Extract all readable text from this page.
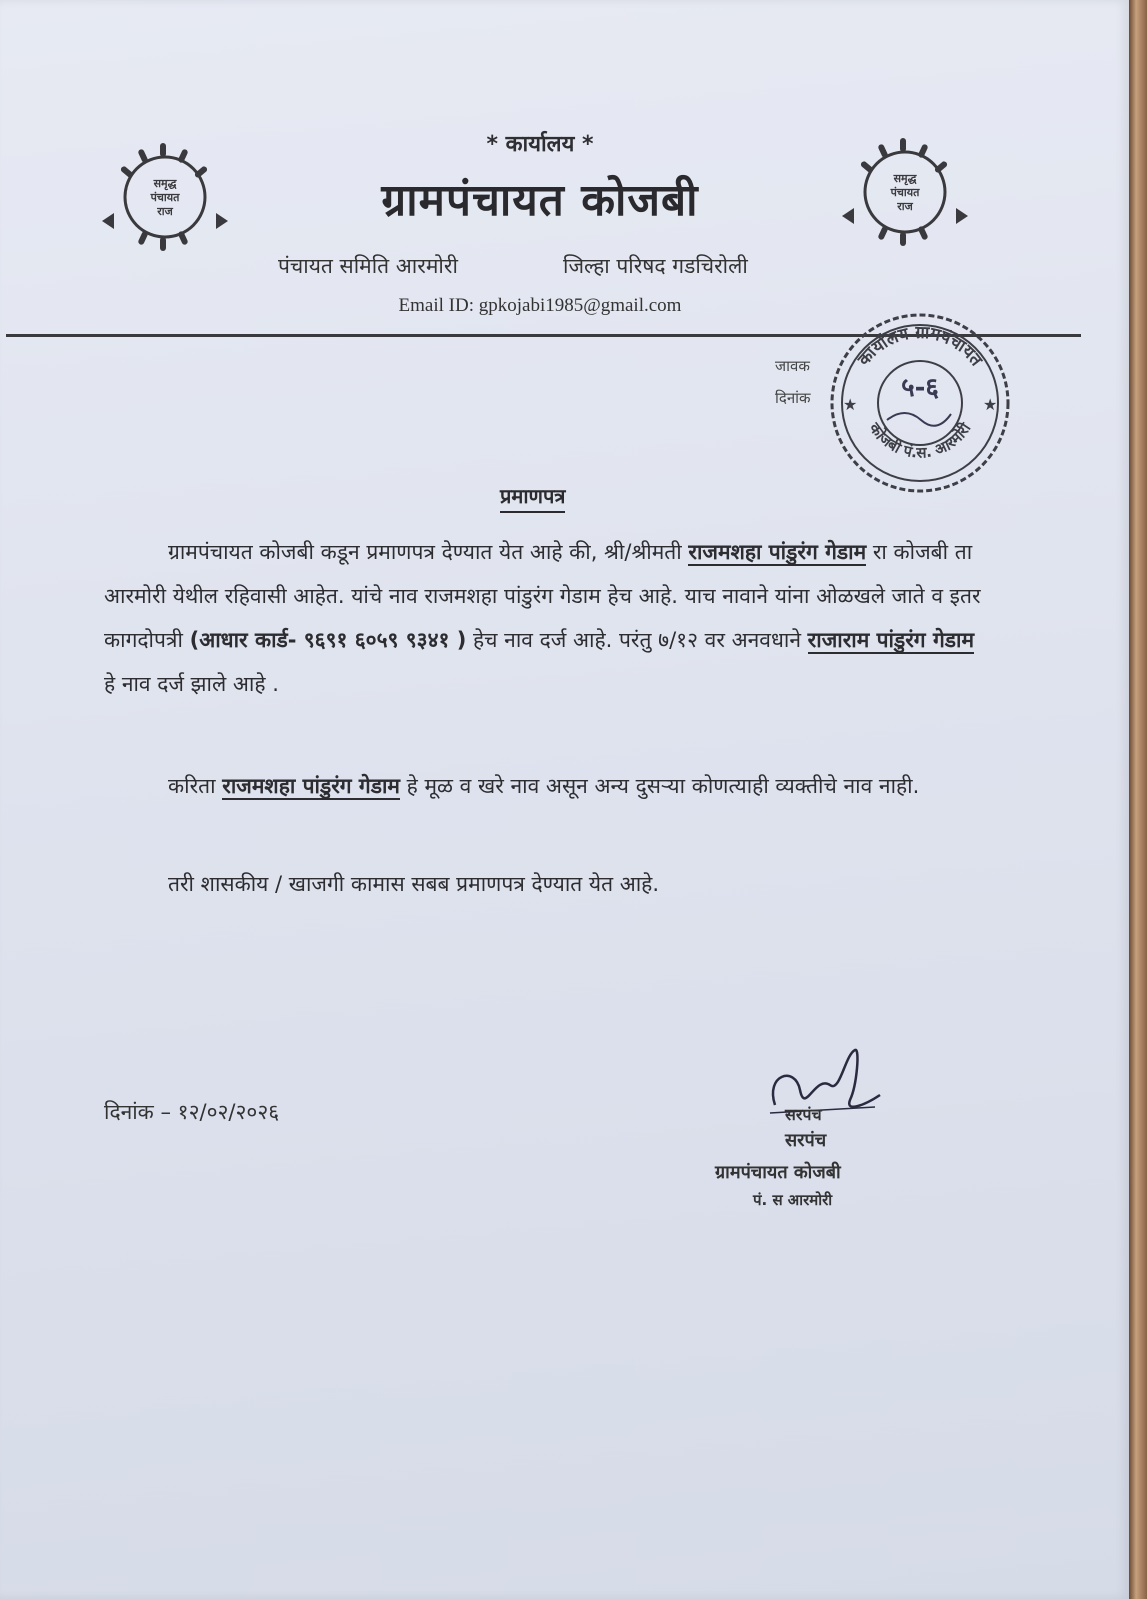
समृद्ध
पंचायत
राज
समृद्ध
पंचायत
राज
* कार्यालय *
ग्रामपंचायत कोजबी
पंचायत समिति आरमोरी	जिल्हा परिषद गडचिरोली
Email ID: gpkojabi1985@gmail.com
जावक
दिनांक
कार्यालय ग्रामपंचायत
कोजबी पं.स. आरमोरी
★	★
५-६
प्रमाणपत्र

ग्रामपंचायत कोजबी कडून प्रमाणपत्र देण्यात येत आहे की, श्री/श्रीमती राजमशहा पांडुरंग गेडाम रा कोजबी ता आरमोरी येथील रहिवासी आहेत. यांचे नाव राजमशहा पांडुरंग गेडाम हेच आहे. याच नावाने यांना ओळखले जाते व इतर कागदोपत्री (आधार कार्ड- ९६९१ ६०५९ ९३४१ ) हेच नाव दर्ज आहे. परंतु ७/१२ वर अनवधाने राजाराम पांडुरंग गेडाम हे नाव दर्ज झाले आहे .

करिता राजमशहा पांडुरंग गेडाम हे मूळ व खरे नाव असून अन्य दुसऱ्या कोणत्याही व्यक्तीचे नाव नाही.

तरी शासकीय / खाजगी कामास सबब प्रमाणपत्र देण्यात येत आहे.

दिनांक – १२/०२/२०२६	सरपंच
सरपंच
ग्रामपंचायत कोजबी
पं. स आरमोरी
